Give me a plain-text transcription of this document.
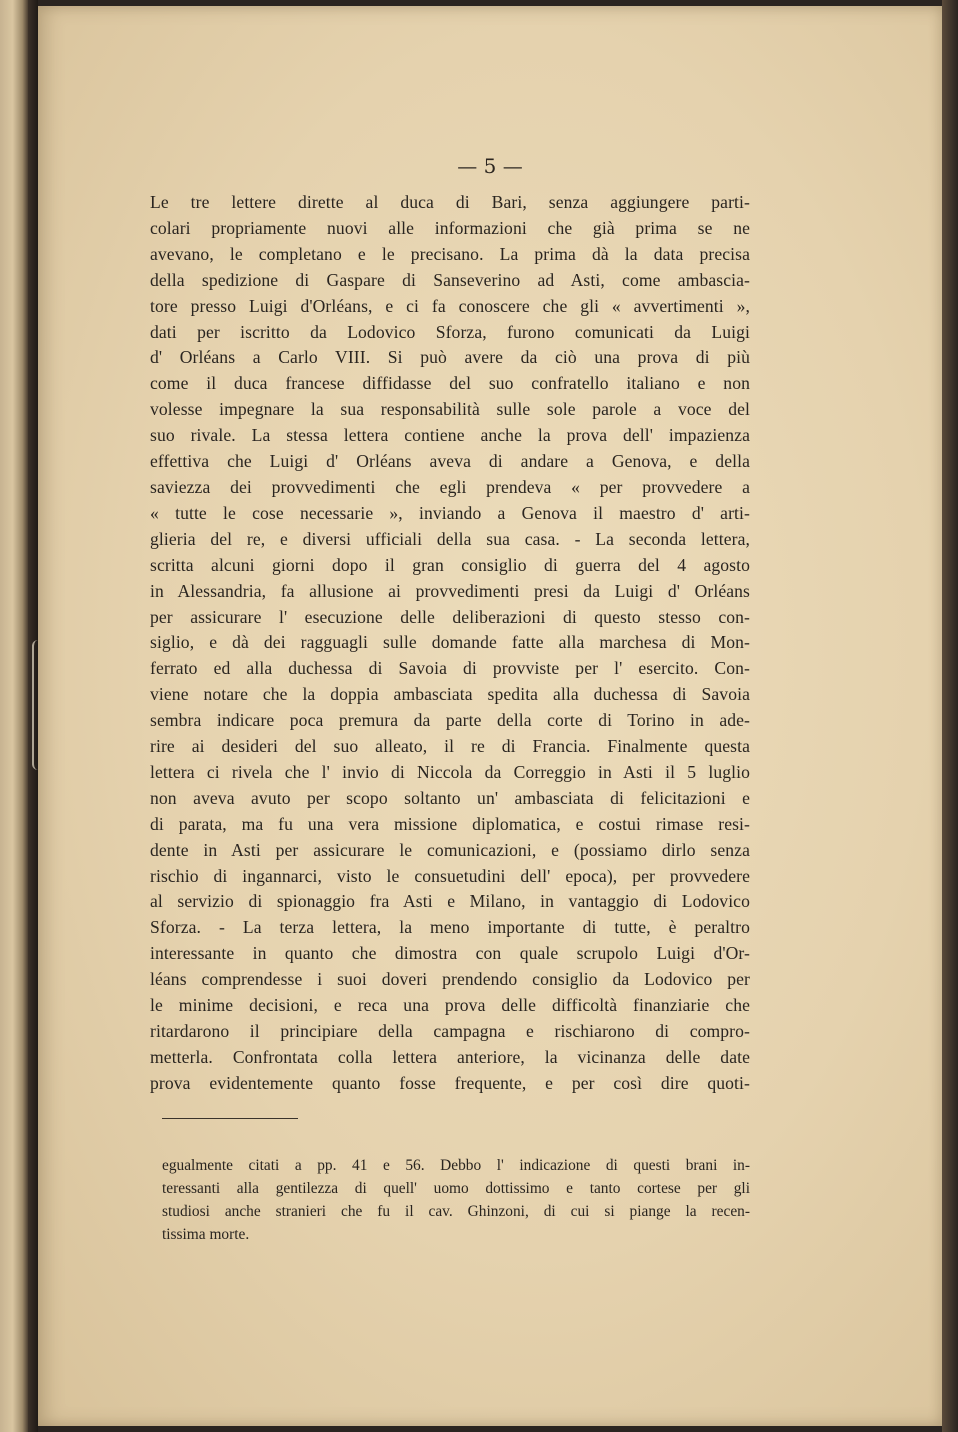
— 5 —
Le tre lettere dirette al duca di Bari, senza aggiungere parti-
colari propriamente nuovi alle informazioni che già prima se ne
avevano, le completano e le precisano. La prima dà la data precisa
della spedizione di Gaspare di Sanseverino ad Asti, come ambascia-
tore presso Luigi d'Orléans, e ci fa conoscere che gli « avvertimenti »,
dati per iscritto da Lodovico Sforza, furono comunicati da Luigi
d' Orléans a Carlo VIII. Si può avere da ciò una prova di più
come il duca francese diffidasse del suo confratello italiano e non
volesse impegnare la sua responsabilità sulle sole parole a voce del
suo rivale. La stessa lettera contiene anche la prova dell' impazienza
effettiva che Luigi d' Orléans aveva di andare a Genova, e della
saviezza dei provvedimenti che egli prendeva « per provvedere a
« tutte le cose necessarie », inviando a Genova il maestro d' arti-
glieria del re, e diversi ufficiali della sua casa. - La seconda lettera,
scritta alcuni giorni dopo il gran consiglio di guerra del 4 agosto
in Alessandria, fa allusione ai provvedimenti presi da Luigi d' Orléans
per assicurare l' esecuzione delle deliberazioni di questo stesso con-
siglio, e dà dei ragguagli sulle domande fatte alla marchesa di Mon-
ferrato ed alla duchessa di Savoia di provviste per l' esercito. Con-
viene notare che la doppia ambasciata spedita alla duchessa di Savoia
sembra indicare poca premura da parte della corte di Torino in ade-
rire ai desideri del suo alleato, il re di Francia. Finalmente questa
lettera ci rivela che l' invio di Niccola da Correggio in Asti il 5 luglio
non aveva avuto per scopo soltanto un' ambasciata di felicitazioni e
di parata, ma fu una vera missione diplomatica, e costui rimase resi-
dente in Asti per assicurare le comunicazioni, e (possiamo dirlo senza
rischio di ingannarci, visto le consuetudini dell' epoca), per provvedere
al servizio di spionaggio fra Asti e Milano, in vantaggio di Lodovico
Sforza. - La terza lettera, la meno importante di tutte, è peraltro
interessante in quanto che dimostra con quale scrupolo Luigi d'Or-
léans comprendesse i suoi doveri prendendo consiglio da Lodovico per
le minime decisioni, e reca una prova delle difficoltà finanziarie che
ritardarono il principiare della campagna e rischiarono di compro-
metterla. Confrontata colla lettera anteriore, la vicinanza delle date
prova evidentemente quanto fosse frequente, e per così dire quoti-
egualmente citati a pp. 41 e 56. Debbo l' indicazione di questi brani in-
teressanti alla gentilezza di quell' uomo dottissimo e tanto cortese per gli
studiosi anche stranieri che fu il cav. Ghinzoni, di cui si piange la recen-
tissima morte.
